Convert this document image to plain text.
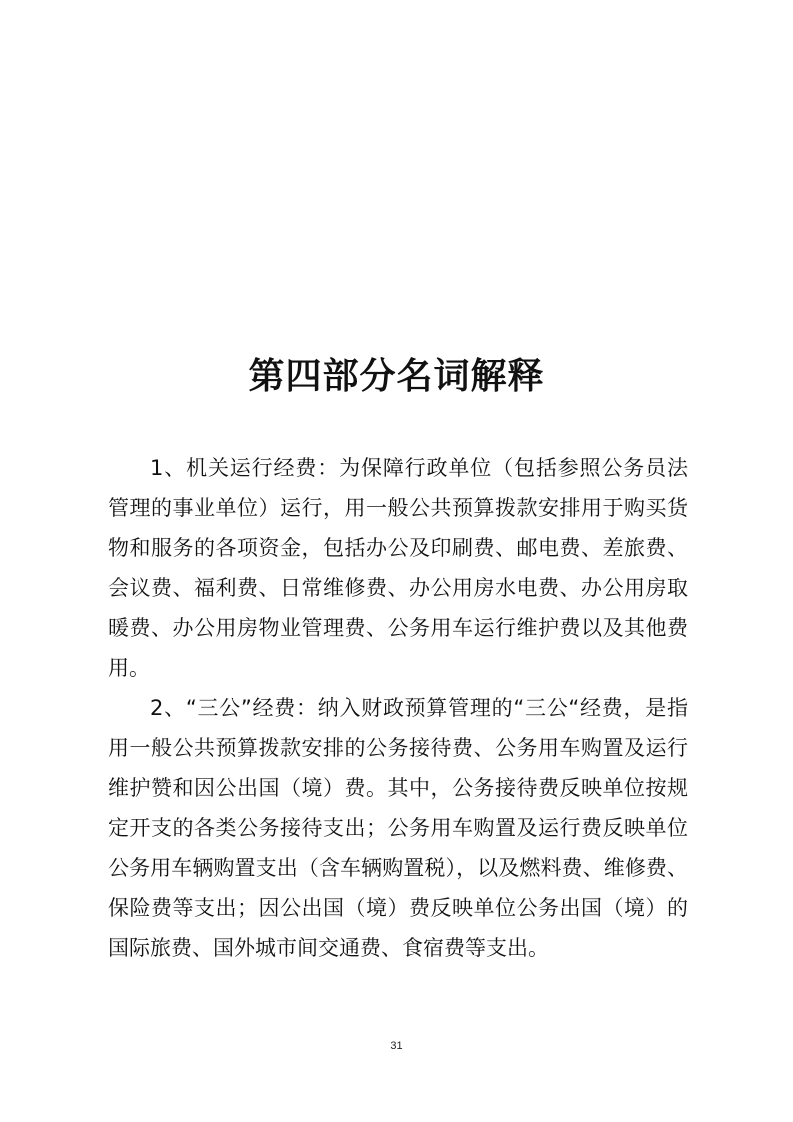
第四部分名词解释

1、机关运行经费：为保障行政单位（包括参照公务员法管理的事业单位）运行，用一般公共预算拨款安排用于购买货物和服务的各项资金，包括办公及印刷费、邮电费、差旅费、会议费、福利费、日常维修费、办公用房水电费、办公用房取暖费、办公用房物业管理费、公务用车运行维护费以及其他费用。

2、“三公”经费：纳入财政预算管理的“三公“经费，是指用一般公共预算拨款安排的公务接待费、公务用车购置及运行维护赞和因公出国（境）费。其中，公务接待费反映单位按规定开支的各类公务接待支出；公务用车购置及运行费反映单位公务用车辆购置支出（含车辆购置税），以及燃料费、维修费、保险费等支出；因公出国（境）费反映单位公务出国（境）的国际旅费、国外城市间交通费、食宿费等支出。

31
